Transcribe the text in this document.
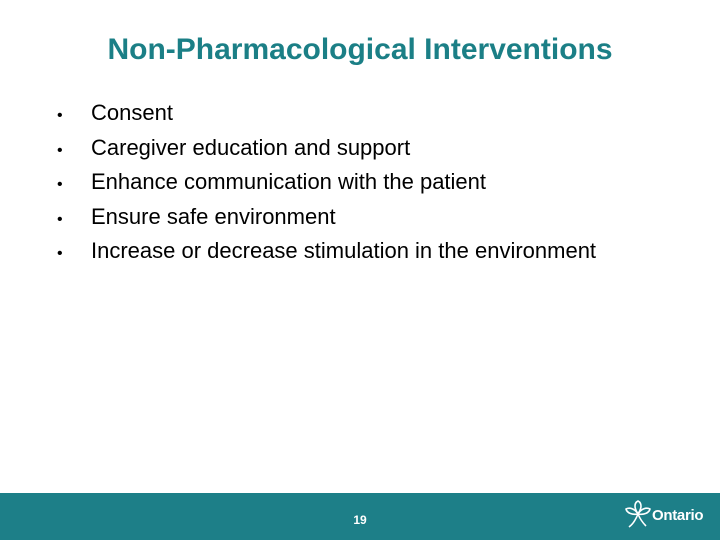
Non-Pharmacological Interventions
•	Consent
•	Caregiver education and support
•	Enhance communication with the patient
•	Ensure safe environment
•	Increase or decrease stimulation in the environment
19	Ontario
